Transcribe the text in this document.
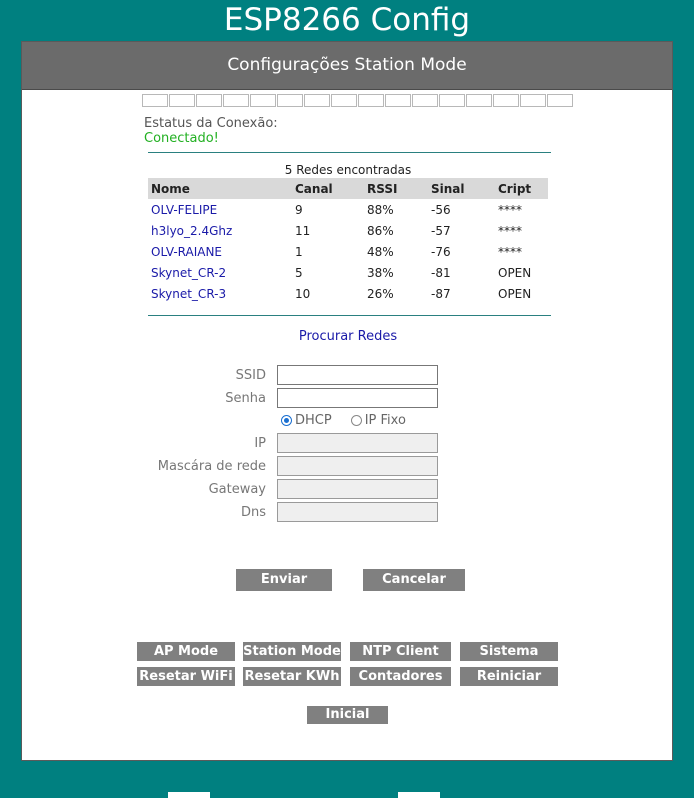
ESP8266 Config
Configurações Station Mode
Estatus da Conexão:
Conectado!
5 Redes encontradas
Nome	Canal	RSSI	Sinal	Cript
OLV-FELIPE	9	88%	-56	****
h3lyo_2.4Ghz	11	86%	-57	****
OLV-RAIANE	1	48%	-76	****
Skynet_CR-2	5	38%	-81	OPEN
Skynet_CR-3	10	26%	-87	OPEN
Procurar Redes
SSID
Senha
DHCP	IP Fixo
IP
Mascára de rede
Gateway
Dns
Enviar	Cancelar
AP Mode	Station Mode	NTP Client	Sistema
Resetar WiFi Resetar KWh	Contadores	Reiniciar
Inicial
